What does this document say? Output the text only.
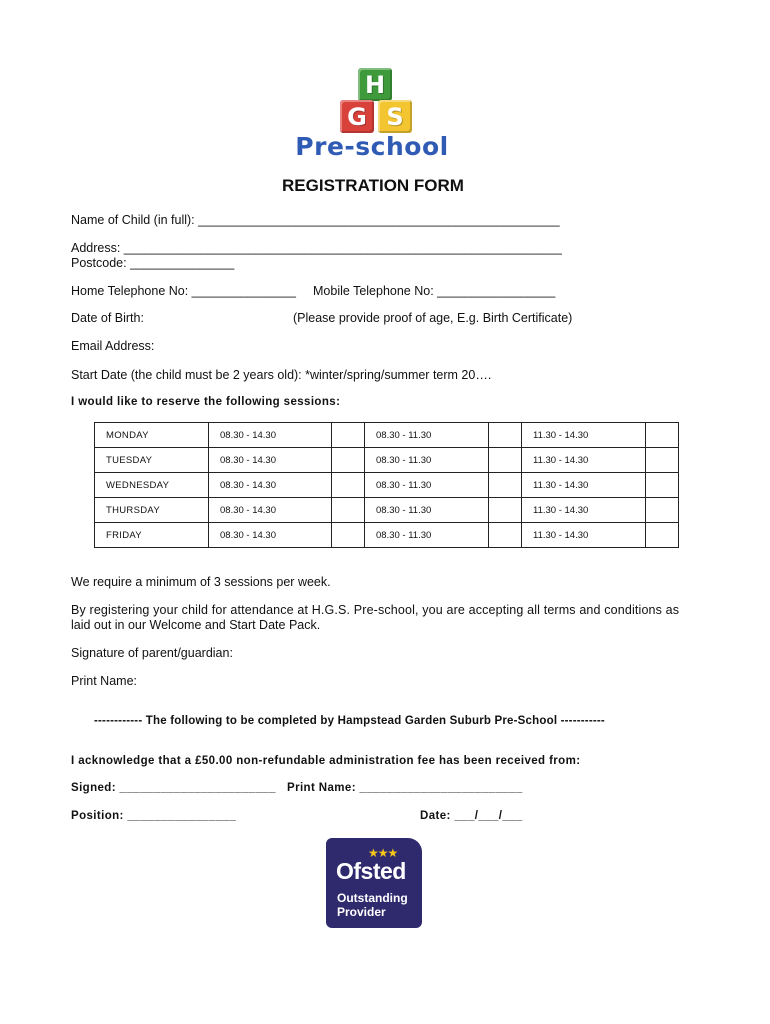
H
G S
Pre-school
REGISTRATION FORM
Name of Child (in full): ____________________________________________________
Address: _______________________________________________________________
Postcode: _______________
Home Telephone No: _______________ Mobile Telephone No: _________________
Date of Birth:	(Please provide proof of age, E.g. Birth Certificate)
Email Address:
Start Date (the child must be 2 years old): *winter/spring/summer term 20….
I would like to reserve the following sessions:
MONDAY	08.30 - 14.30		08.30 - 11.30		11.30 - 14.30	
TUESDAY	08.30 - 14.30		08.30 - 11.30		11.30 - 14.30	
WEDNESDAY	08.30 - 14.30		08.30 - 11.30		11.30 - 14.30	
THURSDAY	08.30 - 14.30		08.30 - 11.30		11.30 - 14.30	
FRIDAY	08.30 - 14.30		08.30 - 11.30		11.30 - 14.30	
We require a minimum of 3 sessions per week.
By registering your child for attendance at H.G.S. Pre-school, you are accepting all terms and conditions as
laid out in our Welcome and Start Date Pack.
Signature of parent/guardian:
Print Name:
------------ The following to be completed by Hampstead Garden Suburb Pre-School -----------
I acknowledge that a £50.00 non-refundable administration fee has been received from:
Signed: _______________________ Print Name: ________________________
Position: ________________	Date: ___/___/___
★★★
Ofsted
Outstanding
Provider
